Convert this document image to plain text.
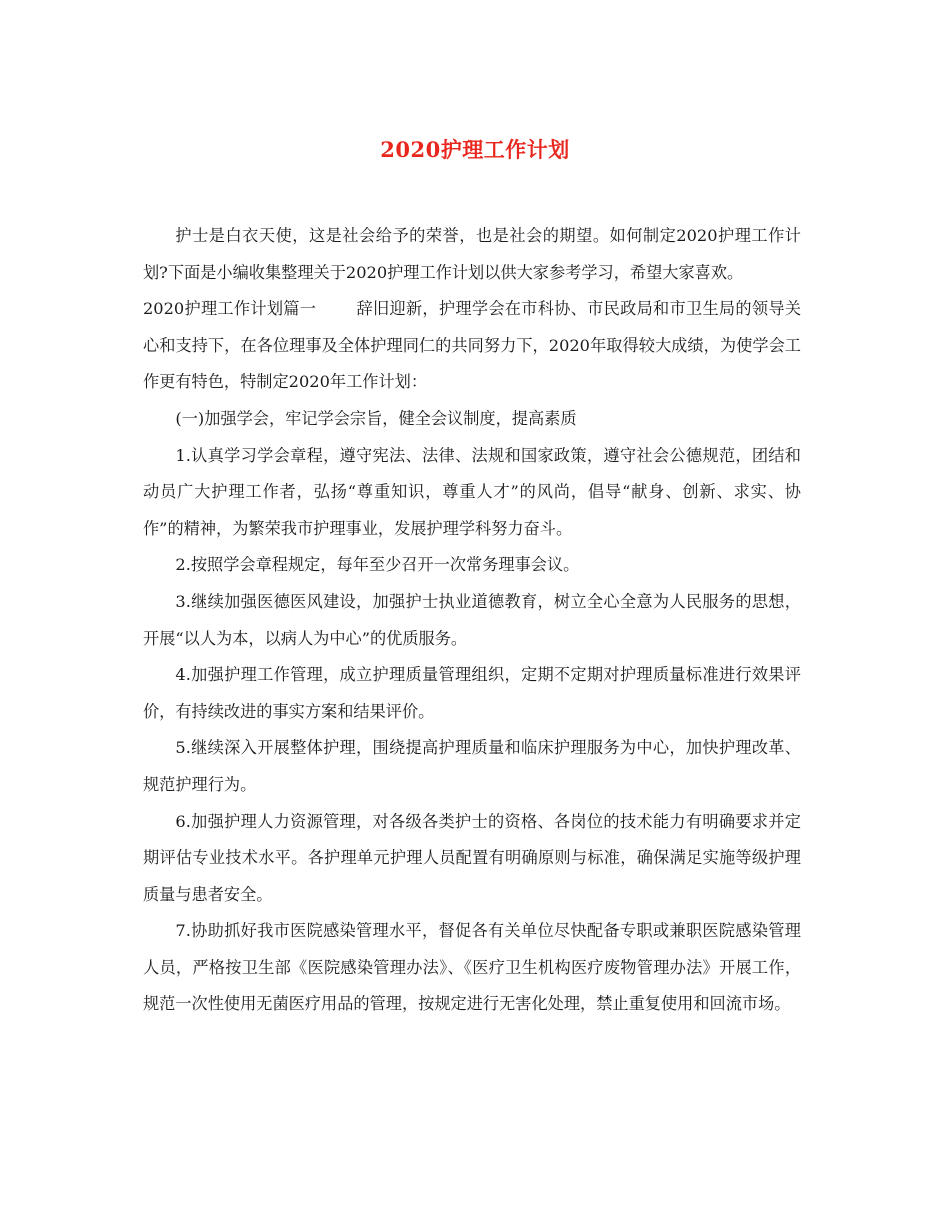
2020护理工作计划

护士是白衣天使，这是社会给予的荣誉，也是社会的期望。如何制定2020护理工作计划?下面是小编收集整理关于2020护理工作计划以供大家参考学习，希望大家喜欢。

2020护理工作计划篇一 辞旧迎新，护理学会在市科协、市民政局和市卫生局的领导关心和支持下，在各位理事及全体护理同仁的共同努力下，2020年取得较大成绩，为使学会工作更有特色，特制定2020年工作计划：

(一)加强学会，牢记学会宗旨，健全会议制度，提高素质

1.认真学习学会章程，遵守宪法、法律、法规和国家政策，遵守社会公德规范，团结和动员广大护理工作者，弘扬“尊重知识，尊重人才”的风尚，倡导“献身、创新、求实、协作”的精神，为繁荣我市护理事业，发展护理学科努力奋斗。

2.按照学会章程规定，每年至少召开一次常务理事会议。

3.继续加强医德医风建设，加强护士执业道德教育，树立全心全意为人民服务的思想，开展“以人为本，以病人为中心”的优质服务。

4.加强护理工作管理，成立护理质量管理组织，定期不定期对护理质量标准进行效果评价，有持续改进的事实方案和结果评价。

5.继续深入开展整体护理，围绕提高护理质量和临床护理服务为中心，加快护理改革、规范护理行为。

6.加强护理人力资源管理，对各级各类护士的资格、各岗位的技术能力有明确要求并定期评估专业技术水平。各护理单元护理人员配置有明确原则与标准，确保满足实施等级护理质量与患者安全。

7.协助抓好我市医院感染管理水平，督促各有关单位尽快配备专职或兼职医院感染管理人员，严格按卫生部《医院感染管理办法》、《医疗卫生机构医疗废物管理办法》开展工作，规范一次性使用无菌医疗用品的管理，按规定进行无害化处理，禁止重复使用和回流市场。
